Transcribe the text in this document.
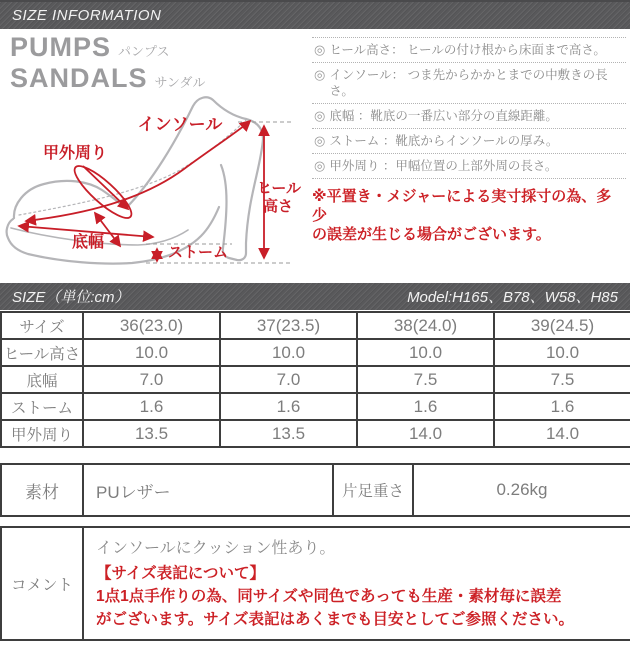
SIZE INFORMATION
PUMPS パンプス
SANDALS サンダル
インソール
甲外周り
底幅
ストーム
ヒール
高さ
◎ ヒール高さ： ヒールの付け根から床面まで高さ。
◎ インソール： つま先からかかとまでの中敷きの長さ。
◎ 底幅 ：靴底の一番広い部分の直線距離。
◎ ストーム ：靴底からインソールの厚み。
◎ 甲外周り ：甲幅位置の上部外周の長さ。
※平置き・メジャーによる実寸採寸の為、多少
の誤差が生じる場合がございます。
SIZE（単位:cm）	Model:H165、B78、W58、H85
サイズ	36(23.0)	37(23.5)	38(24.0)	39(24.5)
ヒール高さ	10.0	10.0	10.0	10.0
底幅	7.0	7.0	7.5	7.5
ストーム	1.6	1.6	1.6	1.6
甲外周り	13.5	13.5	14.0	14.0
素材	PUレザー	片足重さ	0.26kg
コメント	
インソールにクッション性あり。
【サイズ表記について】
1点1点手作りの為、同サイズや同色であっても生産・素材毎に誤差
がございます。サイズ表記はあくまでも目安としてご参照ください。
